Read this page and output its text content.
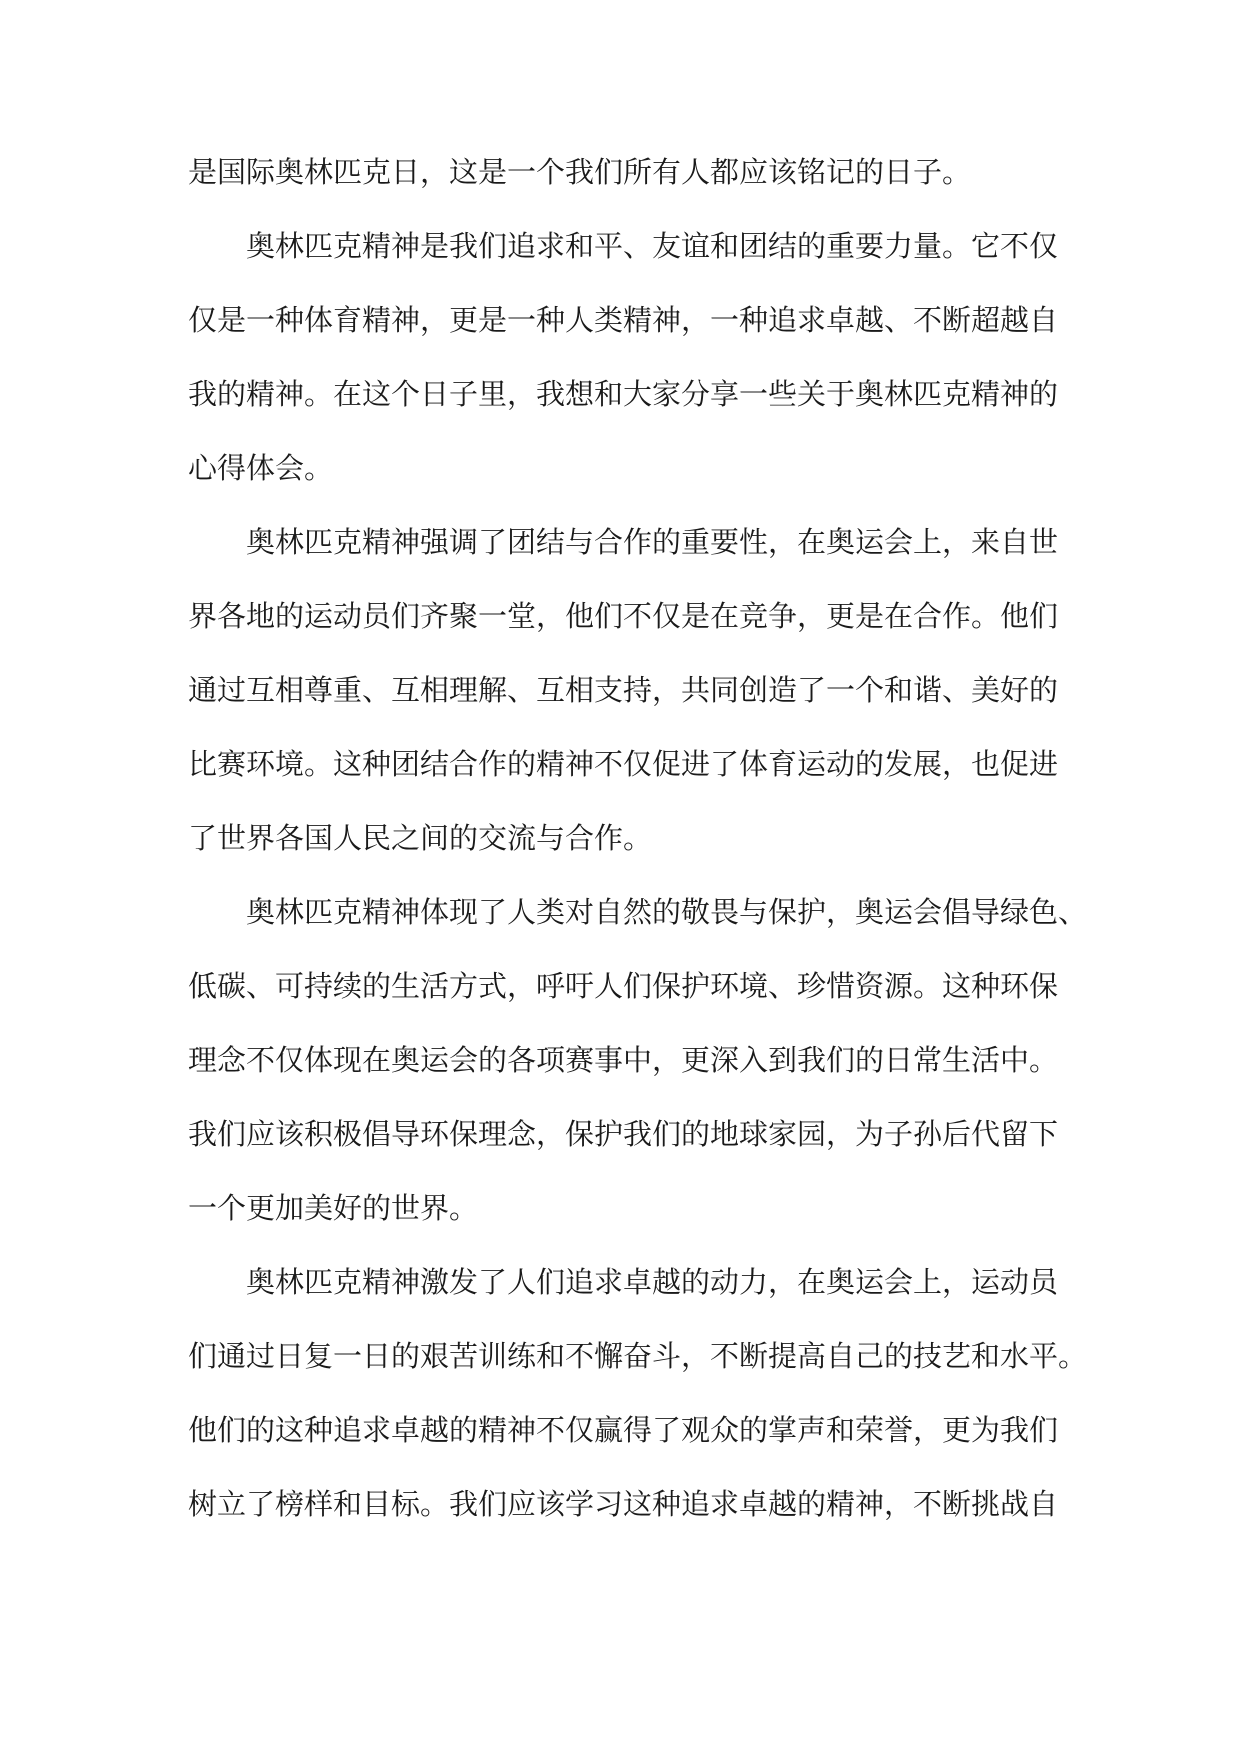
是国际奥林匹克日，这是一个我们所有人都应该铭记的日子。
奥林匹克精神是我们追求和平、友谊和团结的重要力量。它不仅
仅是一种体育精神，更是一种人类精神，一种追求卓越、不断超越自
我的精神。在这个日子里，我想和大家分享一些关于奥林匹克精神的
心得体会。
奥林匹克精神强调了团结与合作的重要性，在奥运会上，来自世
界各地的运动员们齐聚一堂，他们不仅是在竞争，更是在合作。他们
通过互相尊重、互相理解、互相支持，共同创造了一个和谐、美好的
比赛环境。这种团结合作的精神不仅促进了体育运动的发展，也促进
了世界各国人民之间的交流与合作。
奥林匹克精神体现了人类对自然的敬畏与保护，奥运会倡导绿色、
低碳、可持续的生活方式，呼吁人们保护环境、珍惜资源。这种环保
理念不仅体现在奥运会的各项赛事中，更深入到我们的日常生活中。
我们应该积极倡导环保理念，保护我们的地球家园，为子孙后代留下
一个更加美好的世界。
奥林匹克精神激发了人们追求卓越的动力，在奥运会上，运动员
们通过日复一日的艰苦训练和不懈奋斗，不断提高自己的技艺和水平。
他们的这种追求卓越的精神不仅赢得了观众的掌声和荣誉，更为我们
树立了榜样和目标。我们应该学习这种追求卓越的精神，不断挑战自
